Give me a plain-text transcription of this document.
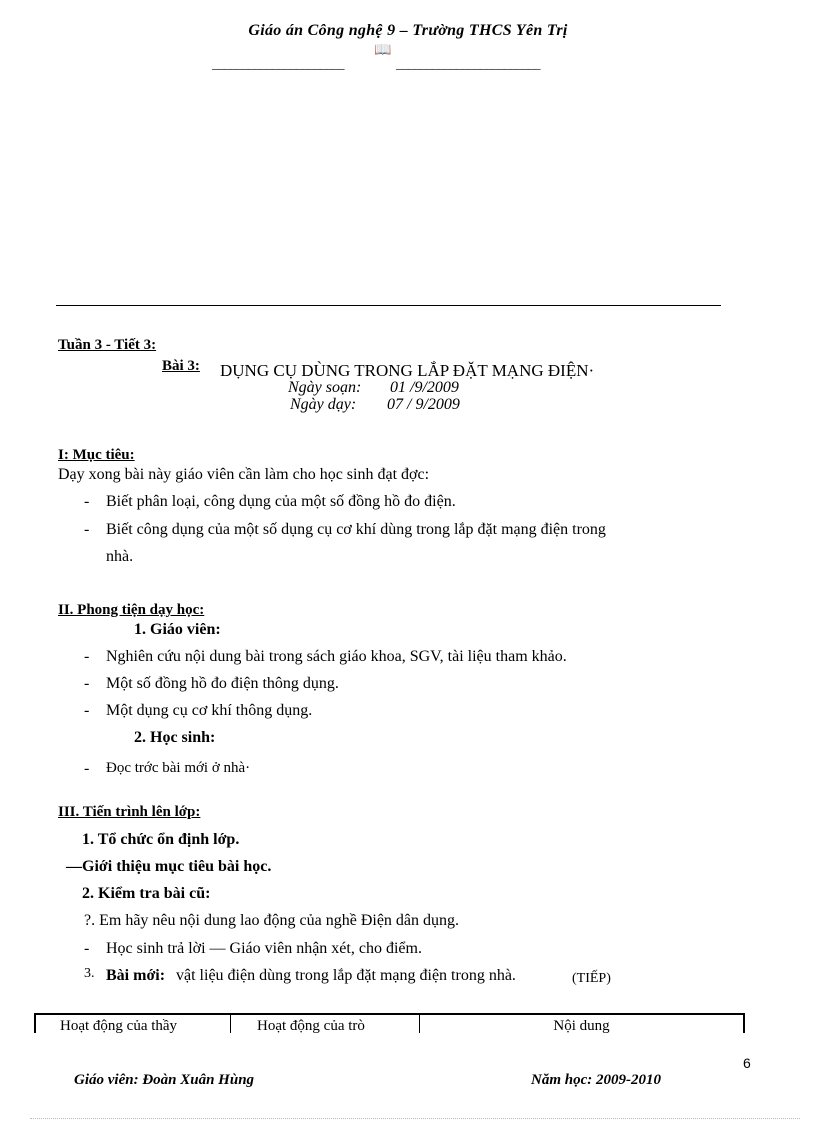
Giáo án Công nghệ 9 – Trường THCS Yên Trị
📖
______________________	________________________
Tuần 3 - Tiết 3:
Bài 3: DỤNG CỤ DÙNG TRONG LẮP ĐẶT MẠNG ĐIỆN·
Ngày soạn: 01 /9/2009
Ngày dạy: 07 / 9/2009
I: Mục tiêu:
Dạy xong bài này giáo viên cần làm cho học sinh đạt đợc:
- Biết phân loại, công dụng của một số đồng hồ đo điện.
- Biết công dụng của một số dụng cụ cơ khí dùng trong lắp đặt mạng điện trong
nhà.
II. Phong tiện dạy học:
1. Giáo viên:
- Nghiên cứu nội dung bài trong sách giáo khoa, SGV, tài liệu tham khảo.
- Một số đồng hồ đo điện thông dụng.
- Một dụng cụ cơ khí thông dụng.
2. Học sinh:
- Đọc trớc bài mới ở nhà·
III. Tiến trình lên lớp:
1. Tổ chức ổn định lớp.
—Giới thiệu mục tiêu bài học.
2. Kiểm tra bài cũ:
?. Em hãy nêu nội dung lao động của nghề Điện dân dụng.
- Học sinh trả lời — Giáo viên nhận xét, cho điểm.
3. Bài mới: vật liệu điện dùng trong lắp đặt mạng điện trong nhà.	(TIẾP)
Hoạt động của thầy	Hoạt động của trò	Nội dung
6
Giáo viên: Đoàn Xuân Hùng	Năm học: 2009-2010
